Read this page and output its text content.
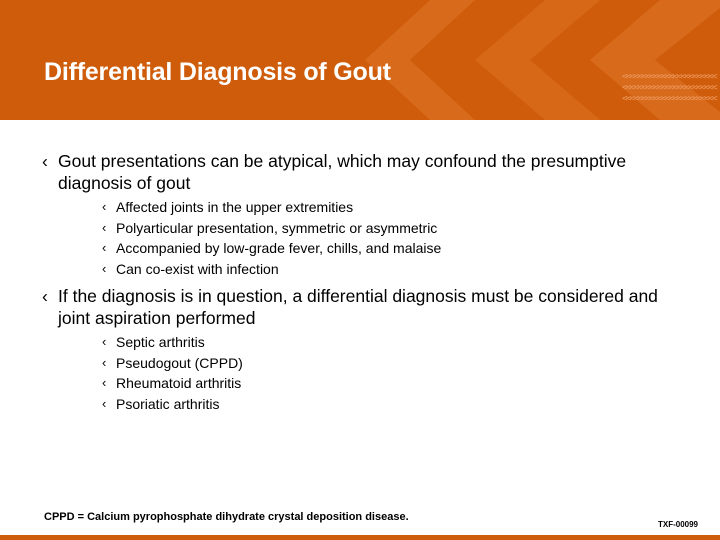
<<<<<<<<<<<<<<<<<<<<<<<<
<<<<<<<<<<<<<<<<<<<<<<<<
<<<<<<<<<<<<<<<<<<<<<<<<
Differential Diagnosis of Gout
‹ Gout presentations can be atypical, which may confound the presumptive diagnosis of gout
‹ Affected joints in the upper extremities
‹ Polyarticular presentation, symmetric or asymmetric
‹ Accompanied by low-grade fever, chills, and malaise
‹ Can co-exist with infection
‹ If the diagnosis is in question, a differential diagnosis must be considered and joint aspiration performed
‹ Septic arthritis
‹ Pseudogout (CPPD)
‹ Rheumatoid arthritis
‹ Psoriatic arthritis
CPPD = Calcium pyrophosphate dihydrate crystal deposition disease.
TXF-00099
